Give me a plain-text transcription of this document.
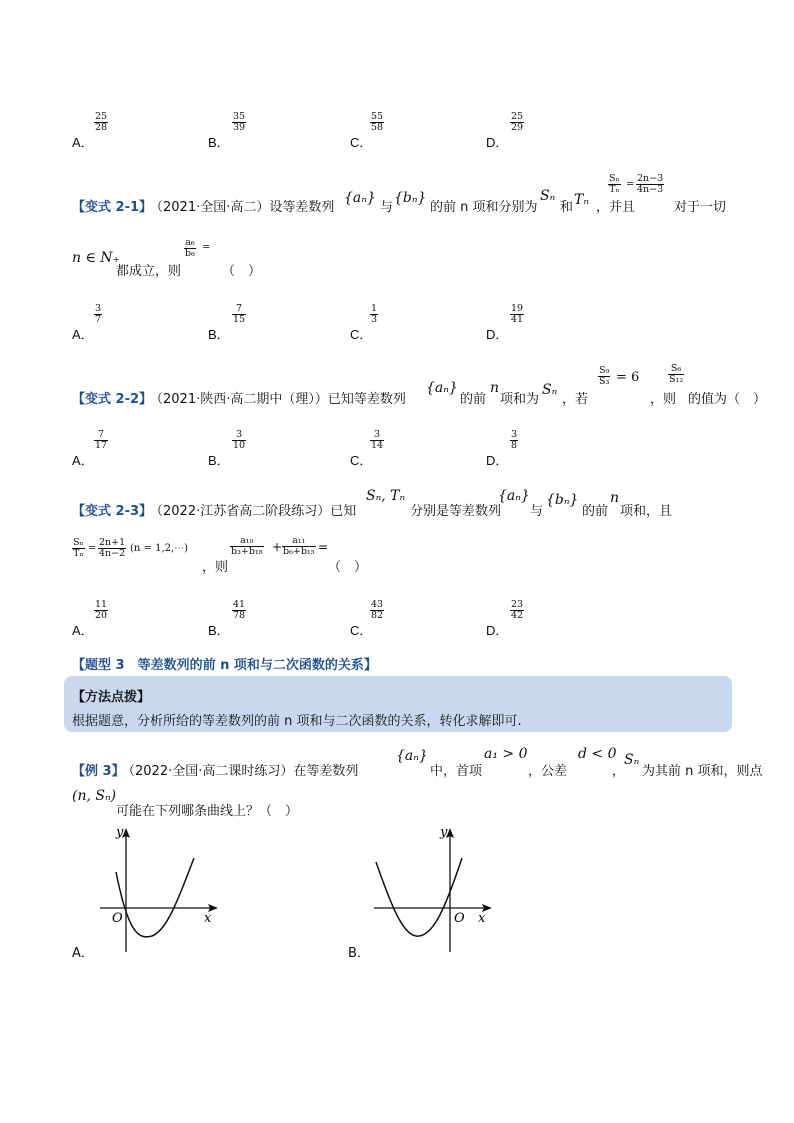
A．
$\frac{25}{28}$
B．
$\frac{35}{39}$
C．
$\frac{55}{58}$
D．
$\frac{25}{29}$
【变式 2-1】
（2021·全国·高二）设等差数列
{aₙ}
与
{bₙ}
的前 n 项和分别为
Sₙ
和 Tₙ ，并且
$\frac{\text{Sₙ}}{\text{Tₙ}} = \frac{2n-3}{4n-3}$
对于一切
n ∈ N₊
都成立，则
$\frac{\text{a₆}}{\text{b₆}}$ =
（　）
A．
$\frac{3}{7}$
B．
$\frac{7}{15}$
C．
$\frac{1}{3}$
D．
$\frac{19}{41}$
【变式 2-2】
（2021·陕西·高二期中（理））已知等差数列
{aₙ}
的前
n
项和为
Sₙ
，若
$\frac{\text{S₉}}{\text{S₃}} = 6$
，则
$\frac{\text{S₆}}{\text{S₁₂}}$
的值为（　）
A．
$\frac{7}{17}$
B．
$\frac{3}{10}$
C．
$\frac{3}{14}$
D．
$\frac{3}{8}$
【变式 2-3】
（2022·江苏省高二阶段练习）已知
Sₙ, Tₙ
分别是等差数列
{aₙ}
与
{bₙ}
的前
n
项和，且
$\frac{\text{Sₙ}}{\text{Tₙ}} = \frac{2n+1}{4n-2} (n$ = 1,2,⋯)
，则
$\frac{\text{a₁₀}}{\text{b₃+b₁₈}} + \frac{\text{a₁₁}}{\text{b₆+b₁₅}}$ =
（　）
A．
$\frac{11}{20}$
B．
$\frac{41}{78}$
C．
$\frac{43}{82}$
D．
$\frac{23}{42}$
【题型 3　等差数列的前 n 项和与二次函数的关系】
【方法点拨】
根据题意，分析所给的等差数列的前 n 项和与二次函数的关系，转化求解即可.
【例 3】
（2022·全国·高二课时练习）在等差数列
{aₙ}
中，首项
a₁ > 0
，公差
d < 0
，
Sₙ
为其前 n 项和，则点
(n, Sₙ)
可能在下列哪条曲线上？（　）
x
y
O
A．
x
y
O
B．
